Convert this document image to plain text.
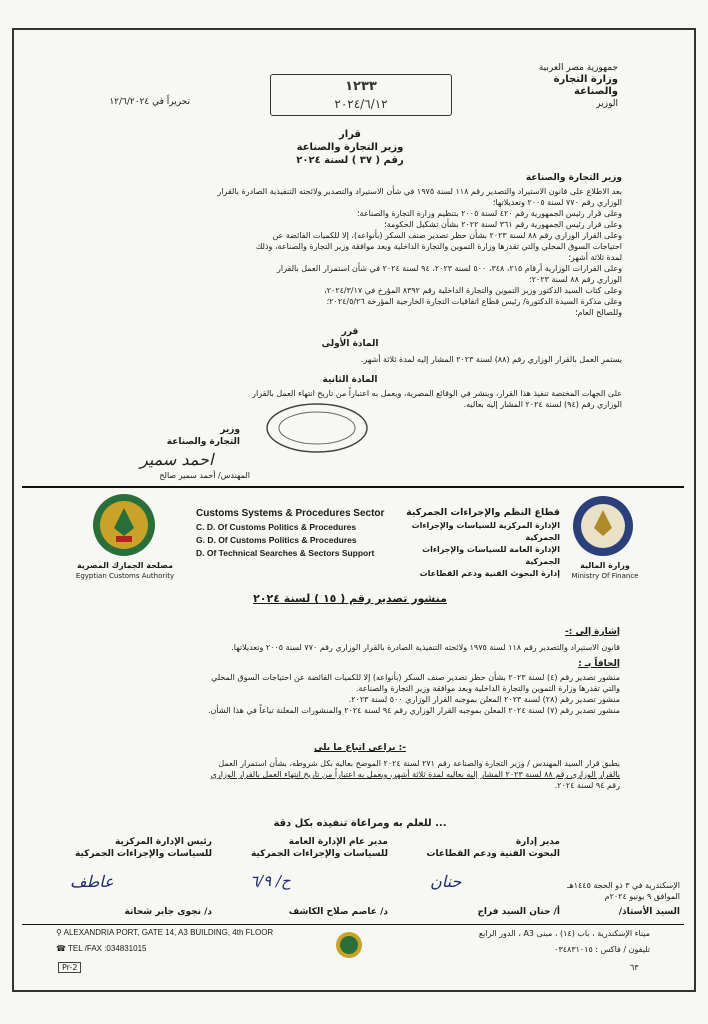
جمهورية مصر العربية
وزارة التجارة والصناعة
الوزير
١٢٣٣
٢٠٢٤/٦/١٢
تحريراً في ١٢/٦/٢٠٢٤
قرار
وزير التجارة والصناعة
رقم ( ٣٧ ) لسنة ٢٠٢٤
وزير التجارة والصناعة
بعد الاطلاع على قانون الاستيراد والتصدير رقم ١١٨ لسنة ١٩٧٥ في شأن الاستيراد والتصدير ولائحته التنفيذية الصادرة بالقرار
الوزاري رقم ٧٧٠ لسنة ٢٠٠٥ وتعديلاتها؛
وعلى قرار رئيس الجمهورية رقم ٤٢٠ لسنة ٢٠٠٥ بتنظيم وزارة التجارة والصناعة؛
وعلى قرار رئيس الجمهورية رقم ٣٦١ لسنة ٢٠٢٢ بشأن تشكيل الحكومة؛
وعلى القرار الوزاري رقم ٨٨ لسنة ٢٠٢٣ بشأن حظر تصدير صنف السكر (بأنواعه)، إلا للكميات الفائضة عن
احتياجات السوق المحلي والتي تقدرها وزارة التموين والتجارة الداخلية وبعد موافقة وزير التجارة والصناعة، وذلك
لمدة ثلاثة أشهر؛
وعلى القرارات الوزارية أرقام ٢١٥، ٣٤٨، ٥٠٠ لسنة ٢٠٢٣، ٩٤ لسنة ٢٠٢٤ في شأن استمرار العمل بالقرار
الوزاري رقم ٨٨ لسنة ٢٠٢٣؛
وعلى كتاب السيد الدكتور وزير التموين والتجارة الداخلية رقم ٨٣٩٢ المؤرخ في ٢٠٢٤/٣/١٧،
وعلى مذكرة السيدة الدكتورة/ رئيس قطاع اتفاقيات التجارة الخارجية المؤرخة ٢٠٢٤/٥/٢٦؛
وللصالح العام؛
قرر
المادة الأولى
يستمر العمل بالقرار الوزاري رقم (٨٨) لسنة ٢٠٢٣ المشار إليه لمدة ثلاثة أشهر.
المادة الثانية
على الجهات المختصة تنفيذ هذا القرار، وينشر في الوقائع المصرية، ويعمل به اعتباراً من تاريخ انتهاء العمل بالقرار
الوزاري رقم (٩٤) لسنة ٢٠٢٤ المشار إليه بعاليه.
وزير
التجارة والصناعة
احمد سمير
المهندس/ أحمد سمير صالح
مصلحة الجمارك المصرية
Egyptian Customs Authority
Customs Systems & Procedures Sector
C. D. Of Customs Politics & Procedures
G. D. Of Customs Politics & Procedures
D. Of Technical Searches & Sectors Support
قطاع النظم والإجراءات الجمركية
الإدارة المركزية للسياسات والإجراءات الجمركية
الإدارة العامة للسياسات والإجراءات الجمركية
إدارة البحوث الفنية ودعم القطاعات
وزارة المالية
Ministry Of Finance
منشور تصدير رقم ( ١٥ ) لسنة ٢٠٢٤
إشارة إلى :-
قانون الاستيراد والتصدير رقم ١١٨ لسنة ١٩٧٥ ولائحته التنفيذية الصادرة بالقرار الوزاري رقم ٧٧٠ لسنة ٢٠٠٥ وتعديلاتها.
إلحاقاً بـ :
منشور تصدير رقم (٤) لسنة ٢٠٢٣ بشأن حظر تصدير صنف السكر (بأنواعه) إلا للكميات الفائضة عن احتياجات السوق المحلي
والتي تقدرها وزارة التموين والتجارة الداخلية وبعد موافقة وزير التجارة والصناعة.
منشور تصدير رقم (٢٨) لسنة ٢٠٢٣ المعلن بموجبه القرار الوزاري ٥٠٠ لسنة ٢٠٢٣.
منشور تصدير رقم (٧) لسنة ٢٠٢٤ المعلن بموجبه القرار الوزاري رقم ٩٤ لسنة ٢٠٢٤ والمنشورات المعلنة تباعاً في هذا الشأن.
يراعى اتباع ما يلي :-
يطبق قرار السيد المهندس / وزير التجارة والصناعة رقم ٢٧١ لسنة ٢٠٢٤ الموضح بعاليه بكل شروطه، بشأن استمرار العمل
بالقرار الوزاري رقم ٨٨ لسنة ٢٠٢٣ المشار إليه بعاليه لمدة ثلاثة أشهر، ويعمل به اعتباراً من تاريخ انتهاء العمل بالقرار الوزاري
رقم ٩٤ لسنة ٢٠٢٤.
للعلم به ومراعاة تنفيذه بكل دقة ...
رئيس الإدارة المركزية
للسياسات والإجراءات الجمركية
عاطف
د/ نجوى جابر شحاتة
مدير عام الإدارة العامة
للسياسات والإجراءات الجمركية
ح/ ٦/٩
د/ عاصم صلاح الكاشف
مدير إدارة
البحوث الفنية ودعم القطاعات
حنان
أ/ حنان السيد فراج
الإسكندرية في ٣ ذو الحجة ١٤٤٥هـ
الموافق ٩ يونيو ٢٠٢٤م
السيد الأستاذ/
⚲ ALEXANDRIA PORT, GATE 14, A3 BUILDING, 4th FLOOR
☎ TEL /FAX :034831015
ميناء الإسكندرية ، باب (١٤) ، مبنى A3 ، الدور الرابع
تليفون / فاكس : ٠٣٤٨٣١٠١٥
Pr-2	٦٣
